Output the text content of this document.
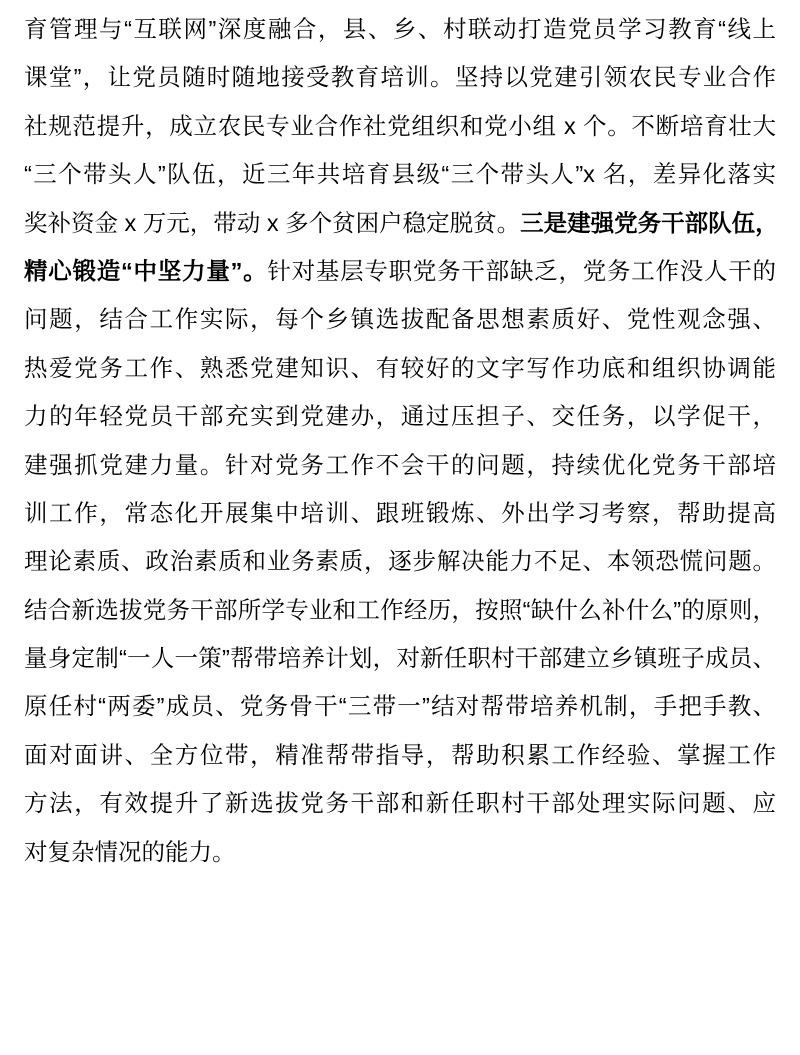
育管理与“互联网”深度融合，县、乡、村联动打造党员学习教育“线上
课堂”，让党员随时随地接受教育培训。坚持以党建引领农民专业合作
社规范提升，成立农民专业合作社党组织和党小组 x 个。不断培育壮大
“三个带头人”队伍，近三年共培育县级“三个带头人”x 名，差异化落实
奖补资金 x 万元，带动 x 多个贫困户稳定脱贫。三是建强党务干部队伍，
精心锻造“中坚力量”。针对基层专职党务干部缺乏，党务工作没人干的
问题，结合工作实际，每个乡镇选拔配备思想素质好、党性观念强、
热爱党务工作、熟悉党建知识、有较好的文字写作功底和组织协调能
力的年轻党员干部充实到党建办，通过压担子、交任务，以学促干，
建强抓党建力量。针对党务工作不会干的问题，持续优化党务干部培
训工作，常态化开展集中培训、跟班锻炼、外出学习考察，帮助提高
理论素质、政治素质和业务素质，逐步解决能力不足、本领恐慌问题。
结合新选拔党务干部所学专业和工作经历，按照“缺什么补什么”的原则，
量身定制“一人一策”帮带培养计划，对新任职村干部建立乡镇班子成员、
原任村“两委”成员、党务骨干“三带一”结对帮带培养机制，手把手教、
面对面讲、全方位带，精准帮带指导，帮助积累工作经验、掌握工作
方法，有效提升了新选拔党务干部和新任职村干部处理实际问题、应
对复杂情况的能力。
